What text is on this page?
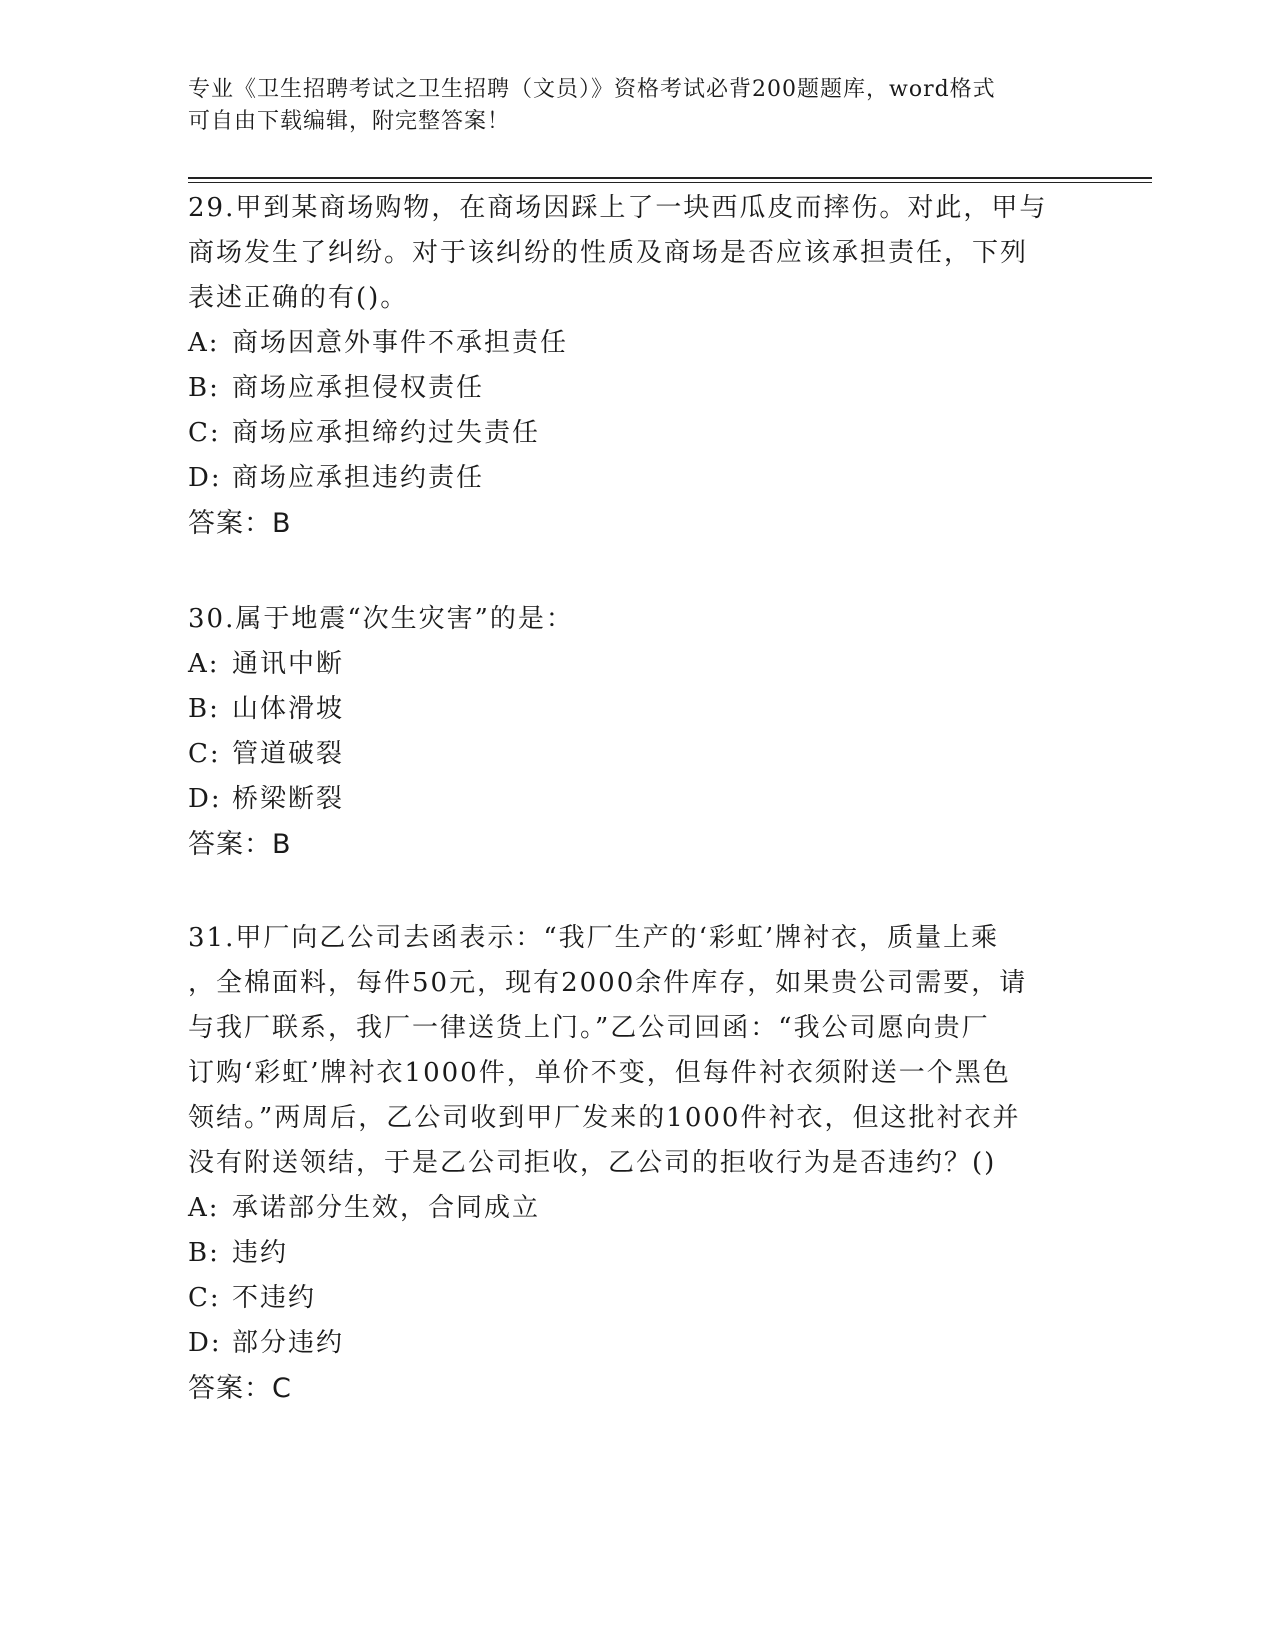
专业《卫生招聘考试之卫生招聘（文员）》资格考试必背200题题库，word格式
可自由下载编辑，附完整答案！
29.甲到某商场购物，在商场因踩上了一块西瓜皮而摔伤。对此，甲与
商场发生了纠纷。对于该纠纷的性质及商场是否应该承担责任，下列
表述正确的有()。
A: 商场因意外事件不承担责任
B: 商场应承担侵权责任
C: 商场应承担缔约过失责任
D: 商场应承担违约责任
答案：B
30.属于地震“次生灾害”的是：
A: 通讯中断
B: 山体滑坡
C: 管道破裂
D: 桥梁断裂
答案：B
31.甲厂向乙公司去函表示：“我厂生产的‘彩虹’牌衬衣，质量上乘
，全棉面料，每件50元，现有2000余件库存，如果贵公司需要，请
与我厂联系，我厂一律送货上门。”乙公司回函：“我公司愿向贵厂
订购‘彩虹’牌衬衣1000件，单价不变，但每件衬衣须附送一个黑色
领结。”两周后，乙公司收到甲厂发来的1000件衬衣，但这批衬衣并
没有附送领结，于是乙公司拒收，乙公司的拒收行为是否违约？()
A: 承诺部分生效，合同成立
B: 违约
C: 不违约
D: 部分违约
答案：C
